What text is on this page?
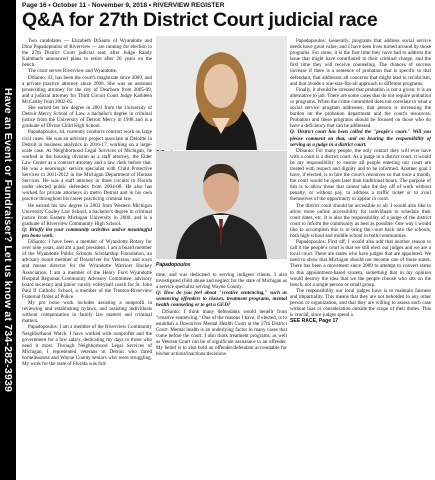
Have an Event or Fundraiser? Let us know at 734-282-3939
Page 16 • October 11 - November 9, 2018 • RIVERVIEW REGISTER
Q&A for 27th District Court judicial race

Two candidates — Elizabeth DiSanto of Wyandotte and Dino Papadopoulos of Riverview — are running for election to the 27th District Court judicial seat, after Judge Randy Kalmbach announced plans to retire after 20 years on the bench.

The court serves Riverview and Wyandotte.

DiSanto, 43, has been the court's magistrate since 2009, and a private practice attorney since 2006. She was an assistant prosecuting attorney for the city of Dearborn from 2005-09, and a judicial attorney for Third Circuit Court Judge Kathleen McCarthy from 2002-05.

She earned her law degree in 2001 from the University of Detroit Mercy School of Law, a bachelor's degree in criminal justice from the University of Detroit Mercy in 1998 and is a graduate of Divine Child High School.

Papadopoulos, 44, currently conducts contract work on large civil cases. He was an advisory project associate at Deloitte in Detroit in business analytics in 2016-17, working on a large-scale case. At Neighborhood Legal Services of Michigan, he worked in the housing division as a staff attorney, the Elder Law Center as a contract attorney and a law clerk before that. He was a neurologic service specialist with Child Protective Services in 2011-2012 in the Michigan Department of Human Services. He was a staff attorney in three circuits in Florida under elected public defenders from 2004-08. He also has worked for private attorneys in metro Detroit and in his own practice throughout his career practicing criminal law.

He earned his law degree in 2003 from Western Michigan University Cooley Law School, a bachelor's degree in criminal justice from Eastern Michigan University in 2000, and is a graduate of Riverview Community High School.

Q: Briefly list your community activities and/or meaningful pro bono work.

DiSanto: I have been a member of Wyandotte Rotary for over nine years, and am a past president. I am a board member of the Wyandotte Public Schools Scholarship Foundation, an advisory board member of Downriver for Veterans, and ways and means director for the Wyandotte Warriors Hockey Association. I am a member of the Henry Ford Wyandotte Hospital Regional Community Advisory Committee, advisory board secretary and junior varsity volleyball coach for St. John Paul II Catholic School, a member of the Trenton-Riverview Fraternal Order of Police.

My pro bono work includes assisting a nonprofit in reviewing and establishing bylaws, and assisting individuals without compensation in family law matters and criminal matters.

Papadopoulos: I am a member of the Riverview Community Neighborhood Watch. I have worked with nonprofits and the government for a low salary, dedicating my days to those who need it most. Through Neighborhood Legal Services of Michigan, I represented veterans in Detroit who faced homelessness and Wayne County seniors who were struggling. My work for the state of Florida was full-

Papadopoulos

time, and was dedicated to serving indigent clients. I also investigated child abuse and neglect for the state of Michigan as a service specialist serving Wayne County.

Q: How do you feel about "creative sentencing," such as sentencing offenders to classes, treatment programs, mental health counseling or to get a GED?

DiSanto: I think many defendants would benefit from "creative sentencing." One of the reasons I have, if elected, is to establish a Downriver Mental Health Court at the 27th District Court. Mental health is an underlying factor in many cases that come before the court. I also think treatment programs, as well as Veteran Court can be of significant assistance to an offender. My belief is to also hold an offender/defendant accountable for his/her actions/inactions/decisions.

Papadopoulos: Generally, programs that address social service needs have great value, and I have seen lives turned around by those programs. For some, it is the first time they have had to address the issue that might have contributed to their criminal charge, and the first time they will receive counseling. The chances of success increase if there is a sentence of probation that is specific to that defendant, that addresses all concerns that might lead to recidivism, and that avoids a one-size-fits-all approach to different programs.

Finally, it should be stressed that probation is not a given; it is an alternative to jail. There are some cases that do not require probation or programs. When the crime committed does not correlate to what a social service program addresses, that person is increasing the burden on the probation department and the court's resources. Probation and these programs should be focused on those who do have a deficiency that can be addressed.

Q: District court has been called the "people's court." Will you please comment on that, and on bearing the responsibility of serving as a judge in a district court.

DiSanto: For many people, the only contact they will ever have with a court is a district court. As a judge in a district court, it would be my responsibility to ensure all people entering our court are treated with respect and dignity and to be informed. Another goal I have, if elected, is to hire the court's resources so that once a month, the court would be open later than traditional hours. The purpose of this is to allow those that cannot take the day off of work without penalty, or without pay, to address a traffic ticket or to avail themselves of the opportunity to appear in court.

The district court should be accessible to all. I would also like to allow more online accessibility for individuals to schedule their court dates, etc. It is also the responsibility of a judge of the district court to inform the community as best as possible. One way I would like to accomplish this is to bring the court back into the schools, both high school and middle school in both communities.

Papadopoulos: First off, I would also add that another reason to call it the people's court is that we still elect our judges and we are a local court. There are states who have judges that are appointed. We need to show that Michigan should not become one of those states. There has been a movement since 2009 to attempt to convert states to this appointment-based system, something that in my opinion would destroy the idea that we the people choose who sits on the bench, not a single person or small group.

The responsibility our local judges have is to maintain fairness and impartiality. This means that they are not beholden to any other person or organization, and that they are willing to assess each case without bias or consideration outside the scope of their duties. This is crucial, since judges spend a

SEE RACE, Page 17
